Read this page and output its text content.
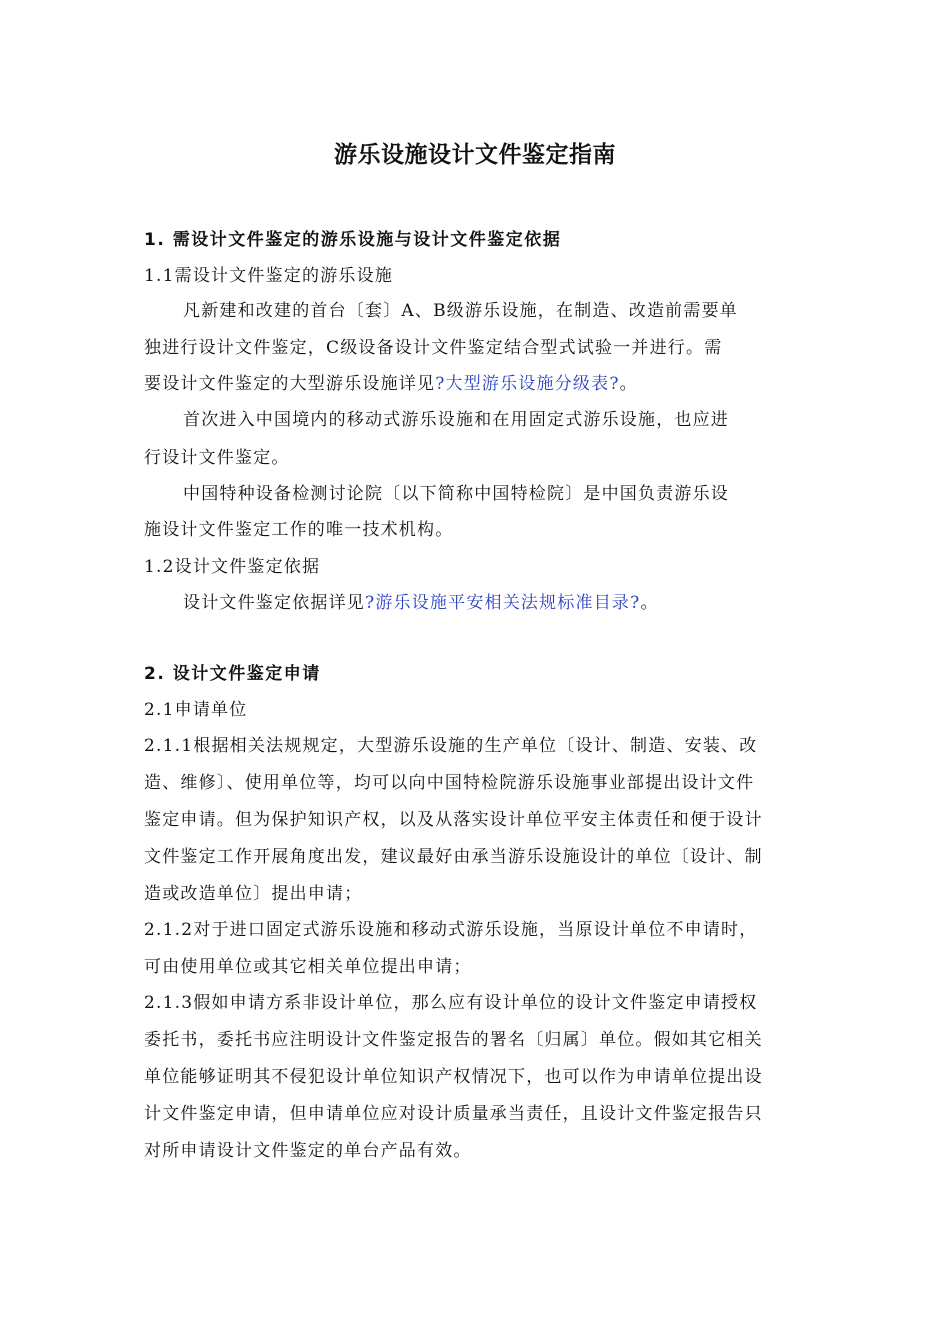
游乐设施设计文件鉴定指南
1. 需设计文件鉴定的游乐设施与设计文件鉴定依据
1.1需设计文件鉴定的游乐设施
凡新建和改建的首台〔套〕A、B级游乐设施，在制造、改造前需要单
独进行设计文件鉴定，C级设备设计文件鉴定结合型式试验一并进行。需
要设计文件鉴定的大型游乐设施详见?大型游乐设施分级表?。
首次进入中国境内的移动式游乐设施和在用固定式游乐设施，也应进
行设计文件鉴定。
中国特种设备检测讨论院〔以下简称中国特检院〕是中国负责游乐设
施设计文件鉴定工作的唯一技术机构。
1.2设计文件鉴定依据
设计文件鉴定依据详见?游乐设施平安相关法规标准目录?。
2. 设计文件鉴定申请
2.1申请单位
2.1.1根据相关法规规定，大型游乐设施的生产单位〔设计、制造、安装、改
造、维修〕、使用单位等，均可以向中国特检院游乐设施事业部提出设计文件
鉴定申请。但为保护知识产权，以及从落实设计单位平安主体责任和便于设计
文件鉴定工作开展角度出发，建议最好由承当游乐设施设计的单位〔设计、制
造或改造单位〕提出申请；
2.1.2对于进口固定式游乐设施和移动式游乐设施，当原设计单位不申请时，
可由使用单位或其它相关单位提出申请；
2.1.3假如申请方系非设计单位，那么应有设计单位的设计文件鉴定申请授权
委托书，委托书应注明设计文件鉴定报告的署名〔归属〕单位。假如其它相关
单位能够证明其不侵犯设计单位知识产权情况下，也可以作为申请单位提出设
计文件鉴定申请，但申请单位应对设计质量承当责任，且设计文件鉴定报告只
对所申请设计文件鉴定的单台产品有效。
